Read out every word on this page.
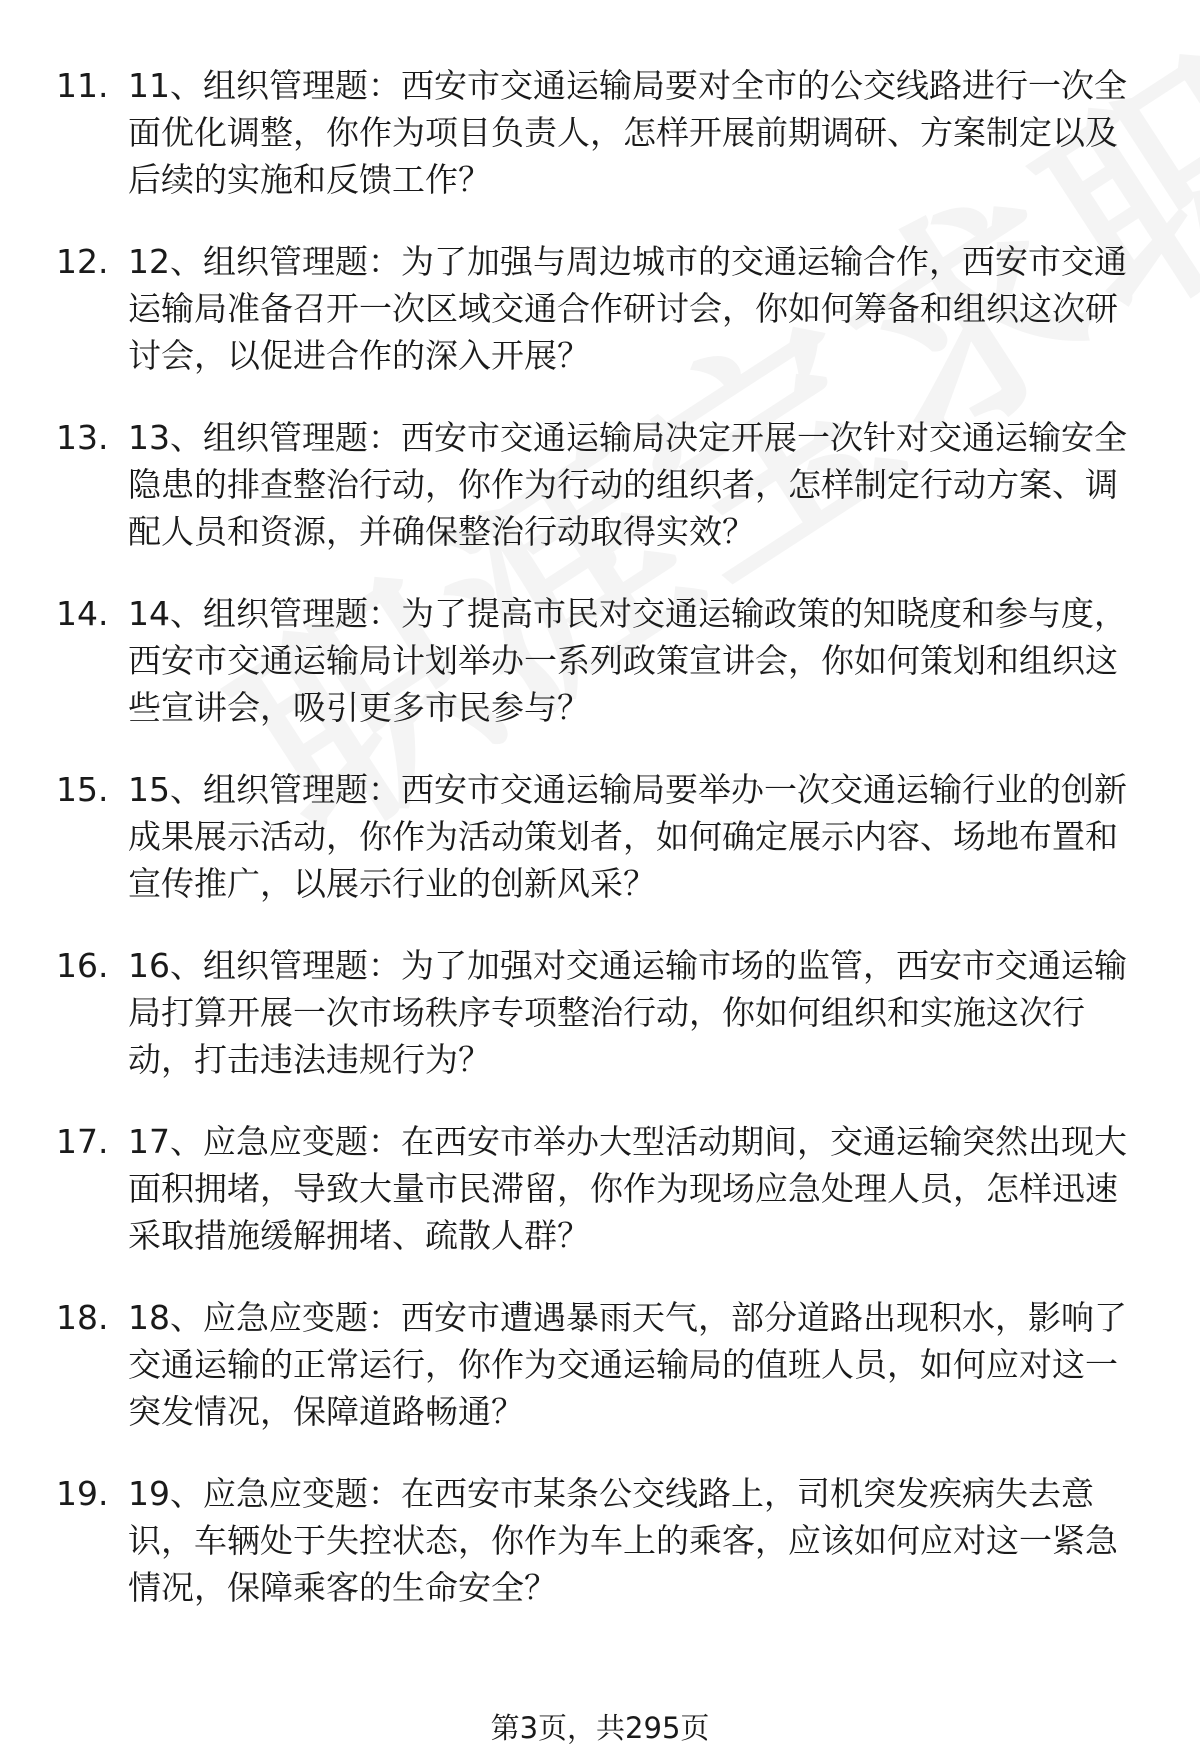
11. 11、组织管理题：西安市交通运输局要对全市的公交线路进行一次全面优化调整，你作为项目负责人，怎样开展前期调研、方案制定以及后续的实施和反馈工作？
12. 12、组织管理题：为了加强与周边城市的交通运输合作，西安市交通运输局准备召开一次区域交通合作研讨会，你如何筹备和组织这次研讨会，以促进合作的深入开展？
13. 13、组织管理题：西安市交通运输局决定开展一次针对交通运输安全隐患的排查整治行动，你作为行动的组织者，怎样制定行动方案、调配人员和资源，并确保整治行动取得实效？
14. 14、组织管理题：为了提高市民对交通运输政策的知晓度和参与度，西安市交通运输局计划举办一系列政策宣讲会，你如何策划和组织这些宣讲会，吸引更多市民参与？
15. 15、组织管理题：西安市交通运输局要举办一次交通运输行业的创新成果展示活动，你作为活动策划者，如何确定展示内容、场地布置和宣传推广，以展示行业的创新风采？
16. 16、组织管理题：为了加强对交通运输市场的监管，西安市交通运输局打算开展一次市场秩序专项整治行动，你如何组织和实施这次行动，打击违法违规行为？
17. 17、应急应变题：在西安市举办大型活动期间，交通运输突然出现大面积拥堵，导致大量市民滞留，你作为现场应急处理人员，怎样迅速采取措施缓解拥堵、疏散人群？
18. 18、应急应变题：西安市遭遇暴雨天气，部分道路出现积水，影响了交通运输的正常运行，你作为交通运输局的值班人员，如何应对这一突发情况，保障道路畅通？
19. 19、应急应变题：在西安市某条公交线路上，司机突发疾病失去意识，车辆处于失控状态，你作为车上的乘客，应该如何应对这一紧急情况，保障乘客的生命安全？
第3页，共295页
